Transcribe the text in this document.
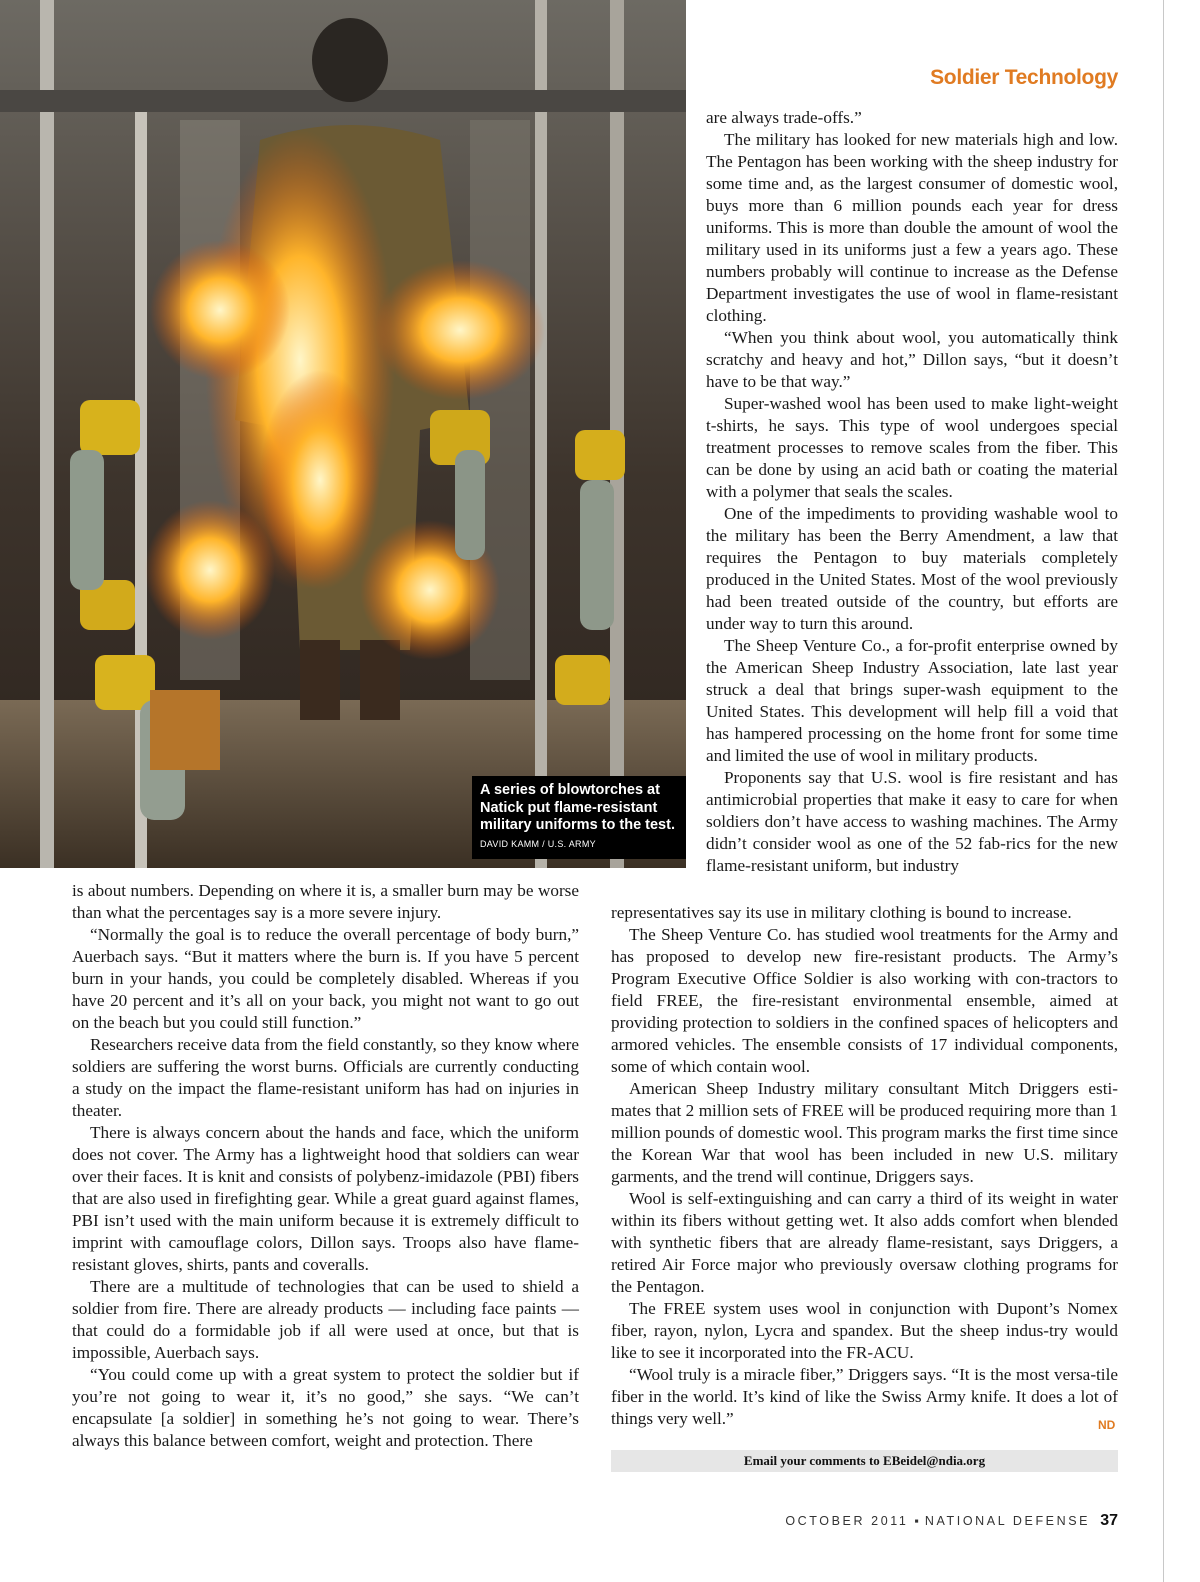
A series of blowtorches at Natick put flame-resistant military uniforms to the test. DAVID KAMM / U.S. ARMY
Soldier Technology

is about numbers. Depending on where it is, a smaller burn may be worse than what the percentages say is a more severe injury.

“Normally the goal is to reduce the overall percentage of body burn,” Auerbach says. “But it matters where the burn is. If you have 5 percent burn in your hands, you could be completely disabled. Whereas if you have 20 percent and it’s all on your back, you might not want to go out on the beach but you could still function.”

Researchers receive data from the field constantly, so they know where soldiers are suffering the worst burns. Officials are currently conducting a study on the impact the flame-resistant uniform has had on injuries in theater.

There is always concern about the hands and face, which the uniform does not cover. The Army has a lightweight hood that soldiers can wear over their faces. It is knit and consists of polybenz-imidazole (PBI) fibers that are also used in firefighting gear. While a great guard against flames, PBI isn’t used with the main uniform because it is extremely difficult to imprint with camouflage colors, Dillon says. Troops also have flame-resistant gloves, shirts, pants and coveralls.

There are a multitude of technologies that can be used to shield a soldier from fire. There are already products — including face paints — that could do a formidable job if all were used at once, but that is impossible, Auerbach says.

“You could come up with a great system to protect the soldier but if you’re not going to wear it, it’s no good,” she says. “We can’t encapsulate [a soldier] in something he’s not going to wear. There’s always this balance between comfort, weight and protection. There

are always trade-offs.”

The military has looked for new materials high and low. The Pentagon has been working with the sheep industry for some time and, as the largest consumer of domestic wool, buys more than 6 million pounds each year for dress uniforms. This is more than double the amount of wool the military used in its uniforms just a few a years ago. These numbers probably will continue to increase as the Defense Department investigates the use of wool in flame-resistant clothing.

“When you think about wool, you automatically think scratchy and heavy and hot,” Dillon says, “but it doesn’t have to be that way.”

Super-washed wool has been used to make light-weight t-shirts, he says. This type of wool undergoes special treatment processes to remove scales from the fiber. This can be done by using an acid bath or coating the material with a polymer that seals the scales.

One of the impediments to providing washable wool to the military has been the Berry Amendment, a law that requires the Pentagon to buy materials completely produced in the United States. Most of the wool previously had been treated outside of the country, but efforts are under way to turn this around.

The Sheep Venture Co., a for-profit enterprise owned by the American Sheep Industry Association, late last year struck a deal that brings super-wash equipment to the United States. This development will help fill a void that has hampered processing on the home front for some time and limited the use of wool in military products.

Proponents say that U.S. wool is fire resistant and has antimicrobial properties that make it easy to care for when soldiers don’t have access to washing machines. The Army didn’t consider wool as one of the 52 fab-rics for the new flame-resistant uniform, but industry

representatives say its use in military clothing is bound to increase.

The Sheep Venture Co. has studied wool treatments for the Army and has proposed to develop new fire-resistant products. The Army’s Program Executive Office Soldier is also working with con-tractors to field FREE, the fire-resistant environmental ensemble, aimed at providing protection to soldiers in the confined spaces of helicopters and armored vehicles. The ensemble consists of 17 individual components, some of which contain wool.

American Sheep Industry military consultant Mitch Driggers esti-mates that 2 million sets of FREE will be produced requiring more than 1 million pounds of domestic wool. This program marks the first time since the Korean War that wool has been included in new U.S. military garments, and the trend will continue, Driggers says.

Wool is self-extinguishing and can carry a third of its weight in water within its fibers without getting wet. It also adds comfort when blended with synthetic fibers that are already flame-resistant, says Driggers, a retired Air Force major who previously oversaw clothing programs for the Pentagon.

The FREE system uses wool in conjunction with Dupont’s Nomex fiber, rayon, nylon, Lycra and spandex. But the sheep indus-try would like to see it incorporated into the FR-ACU.

“Wool truly is a miracle fiber,” Driggers says. “It is the most versa-tile fiber in the world. It’s kind of like the Swiss Army knife. It does a lot of things very well.”	ND
Email your comments to EBeidel@ndia.org
OCTOBER 2011 ▪ NATIONAL DEFENSE 37
